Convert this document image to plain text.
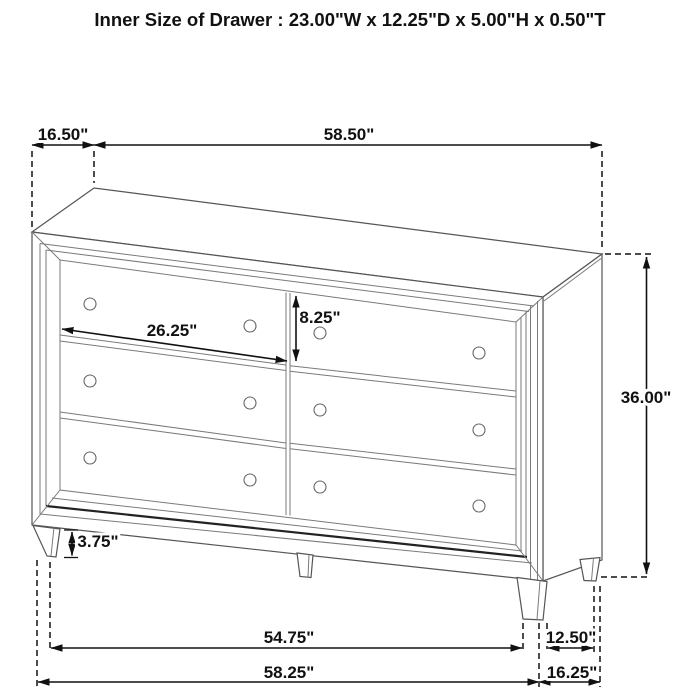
16.50"	58.50"
36.00"
26.25"
8.25"
3.75"
54.75"	12.50"
58.25"	16.25"
Inner Size of Drawer : 23.00"W x 12.25"D x 5.00"H x 0.50"T
